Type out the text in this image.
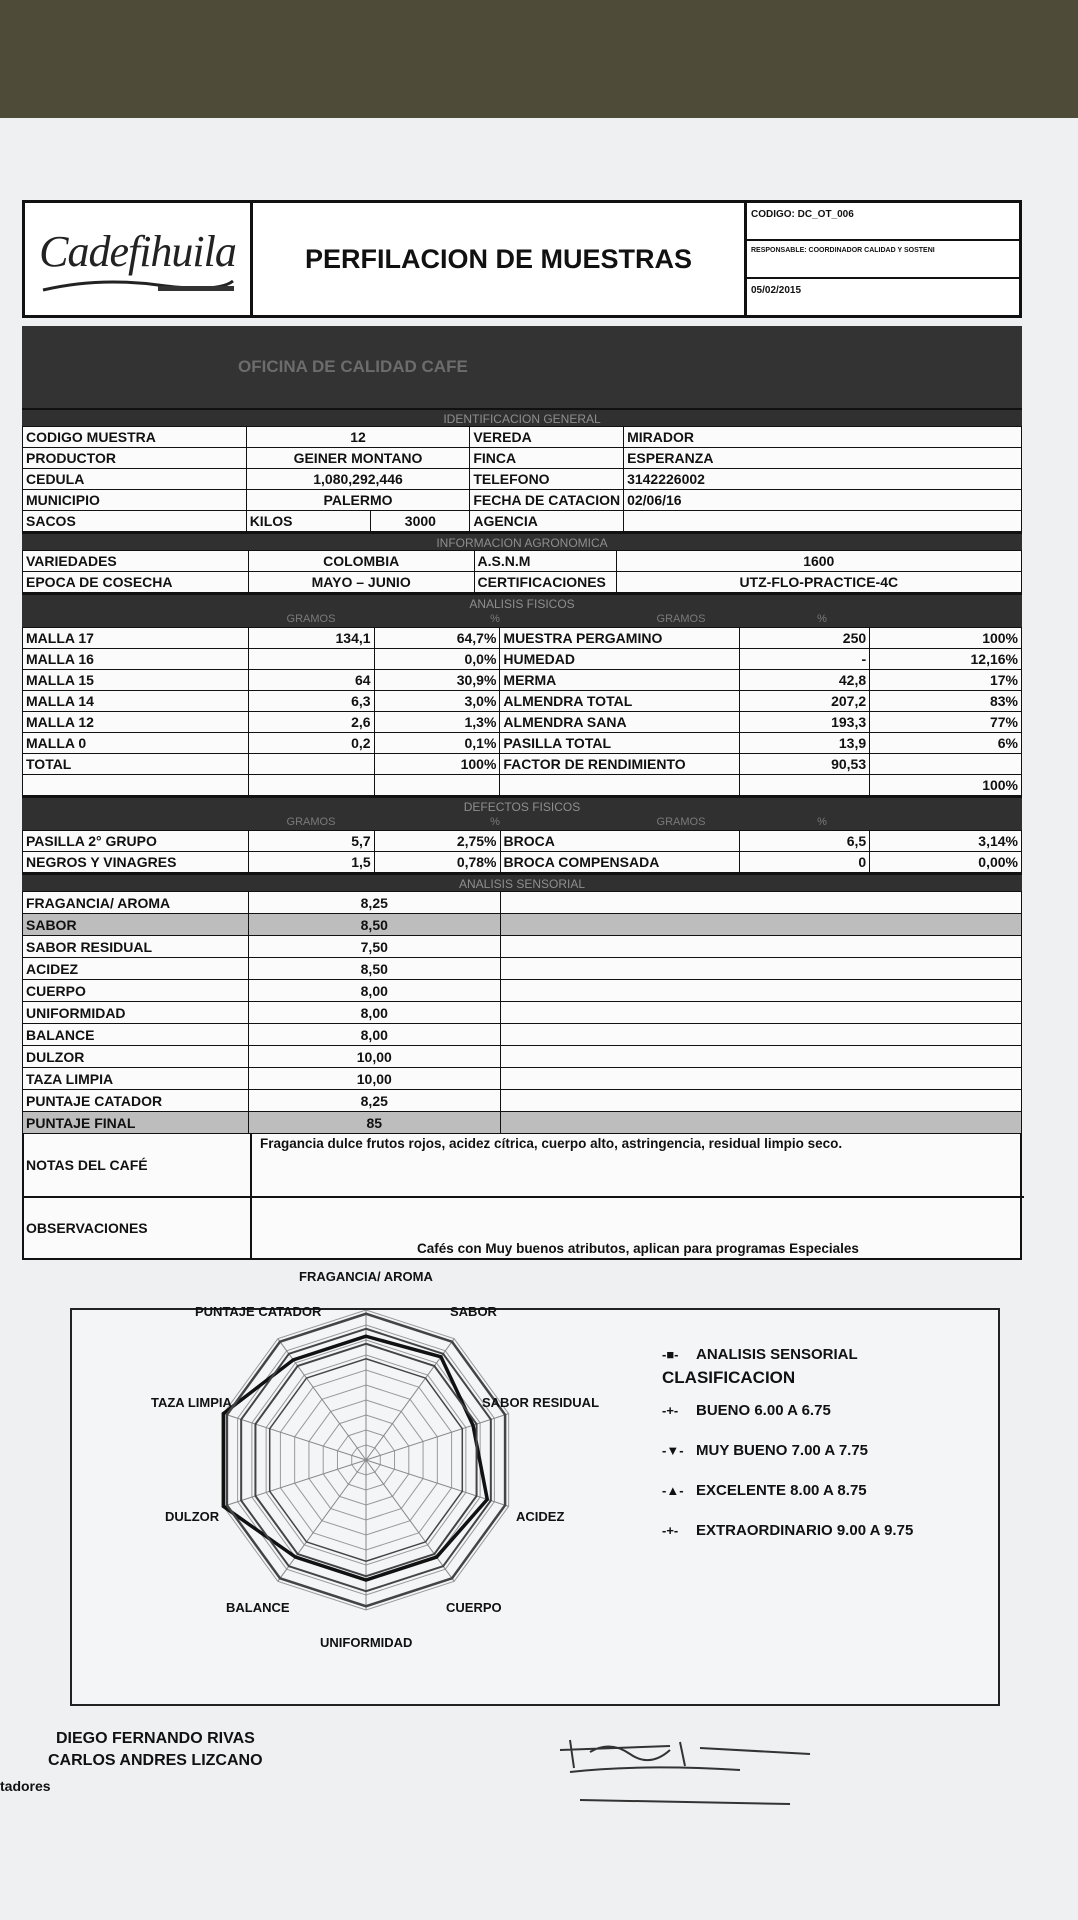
Cadefihuila	PERFILACION DE MUESTRAS
CODIGO: DC_OT_006
RESPONSABLE: COORDINADOR CALIDAD Y SOSTENI
05/02/2015
OFICINA DE CALIDAD CAFE
IDENTIFICACION GENERAL
CODIGO MUESTRA	12		VEREDA	MIRADOR
PRODUCTOR	GEINER MONTANO		FINCA	ESPERANZA
CEDULA	1,080,292,446		TELEFONO	3142226002
MUNICIPIO	PALERMO		FECHA DE CATACION	02/06/16
SACOS	KILOS	3000	AGENCIA	
INFORMACION AGRONOMICA
VARIEDADES	COLOMBIA	A.S.N.M	1600
EPOCA DE COSECHA	MAYO – JUNIO	CERTIFICACIONES	UTZ-FLO-PRACTICE-4C
ANALISIS FISICOS
GRAMOS	%	GRAMOS	%
MALLA 17	134,1	64,7%	MUESTRA PERGAMINO	250	100%
MALLA 16		0,0%	HUMEDAD	-	12,16%
MALLA 15	64	30,9%	MERMA	42,8	17%
MALLA 14	6,3	3,0%	ALMENDRA TOTAL	207,2	83%
MALLA 12	2,6	1,3%	ALMENDRA SANA	193,3	77%
MALLA 0	0,2	0,1%	PASILLA TOTAL	13,9	6%
TOTAL		100%	FACTOR DE RENDIMIENTO	90,53	
					100%
DEFECTOS FISICOS
GRAMOS	%	GRAMOS	%
PASILLA 2° GRUPO	5,7	2,75%	BROCA	6,5	3,14%
NEGROS Y VINAGRES	1,5	0,78%	BROCA COMPENSADA	0	0,00%
ANALISIS SENSORIAL
FRAGANCIA/ AROMA	8,25	
SABOR	8,50	
SABOR RESIDUAL	7,50	
ACIDEZ	8,50	
CUERPO	8,00	
UNIFORMIDAD	8,00	
BALANCE	8,00	
DULZOR	10,00	
TAZA LIMPIA	10,00	
PUNTAJE CATADOR	8,25	
PUNTAJE FINAL	85	
NOTAS DEL CAFÉ
Fragancia dulce frutos rojos, acidez cítrica, cuerpo alto, astringencia, residual limpio seco.
OBSERVACIONES
Cafés con Muy buenos atributos, aplican para programas Especiales
FRAGANCIA/ AROMA
SABOR
SABOR RESIDUAL
ACIDEZ
CUERPO
UNIFORMIDAD
BALANCE
DULZOR
TAZA LIMPIA
PUNTAJE CATADOR
-■-	ANALISIS SENSORIAL
CLASIFICACION
-+-	BUENO 6.00 A 6.75
-▼- MUY BUENO 7.00 A 7.75
-▲- EXCELENTE 8.00 A 8.75
-+-	EXTRAORDINARIO 9.00 A 9.75
DIEGO FERNANDO RIVAS
CARLOS ANDRES LIZCANO
tadores
